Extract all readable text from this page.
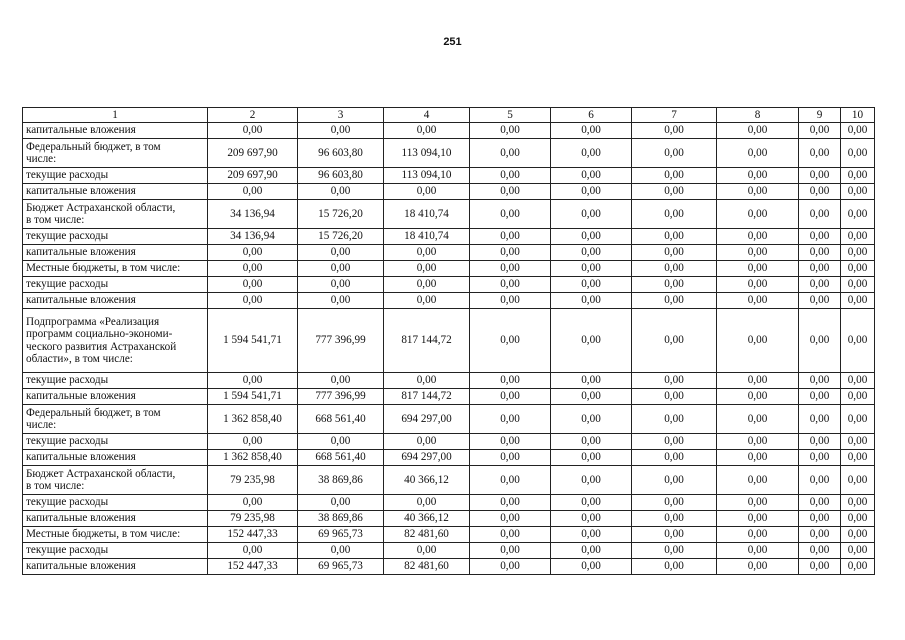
251
1	2	3	4	5	6	7	8	9	10
капитальные вложения	0,00	0,00	0,00	0,00	0,00	0,00	0,00	0,00	0,00
Федеральный бюджет, в том
числе:	209 697,90	96 603,80	113 094,10	0,00	0,00	0,00	0,00	0,00	0,00
текущие расходы	209 697,90	96 603,80	113 094,10	0,00	0,00	0,00	0,00	0,00	0,00
капитальные вложения	0,00	0,00	0,00	0,00	0,00	0,00	0,00	0,00	0,00
Бюджет Астраханской области,
в том числе:	34 136,94	15 726,20	18 410,74	0,00	0,00	0,00	0,00	0,00	0,00
текущие расходы	34 136,94	15 726,20	18 410,74	0,00	0,00	0,00	0,00	0,00	0,00
капитальные вложения	0,00	0,00	0,00	0,00	0,00	0,00	0,00	0,00	0,00
Местные бюджеты, в том числе:	0,00	0,00	0,00	0,00	0,00	0,00	0,00	0,00	0,00
текущие расходы	0,00	0,00	0,00	0,00	0,00	0,00	0,00	0,00	0,00
капитальные вложения	0,00	0,00	0,00	0,00	0,00	0,00	0,00	0,00	0,00
Подпрограмма «Реализация
программ социально-экономи-
ческого развития Астраханской
области», в том числе:	1 594 541,71	777 396,99	817 144,72	0,00	0,00	0,00	0,00	0,00	0,00
текущие расходы	0,00	0,00	0,00	0,00	0,00	0,00	0,00	0,00	0,00
капитальные вложения	1 594 541,71	777 396,99	817 144,72	0,00	0,00	0,00	0,00	0,00	0,00
Федеральный бюджет, в том
числе:	1 362 858,40	668 561,40	694 297,00	0,00	0,00	0,00	0,00	0,00	0,00
текущие расходы	0,00	0,00	0,00	0,00	0,00	0,00	0,00	0,00	0,00
капитальные вложения	1 362 858,40	668 561,40	694 297,00	0,00	0,00	0,00	0,00	0,00	0,00
Бюджет Астраханской области,
в том числе:	79 235,98	38 869,86	40 366,12	0,00	0,00	0,00	0,00	0,00	0,00
текущие расходы	0,00	0,00	0,00	0,00	0,00	0,00	0,00	0,00	0,00
капитальные вложения	79 235,98	38 869,86	40 366,12	0,00	0,00	0,00	0,00	0,00	0,00
Местные бюджеты, в том числе:	152 447,33	69 965,73	82 481,60	0,00	0,00	0,00	0,00	0,00	0,00
текущие расходы	0,00	0,00	0,00	0,00	0,00	0,00	0,00	0,00	0,00
капитальные вложения	152 447,33	69 965,73	82 481,60	0,00	0,00	0,00	0,00	0,00	0,00
